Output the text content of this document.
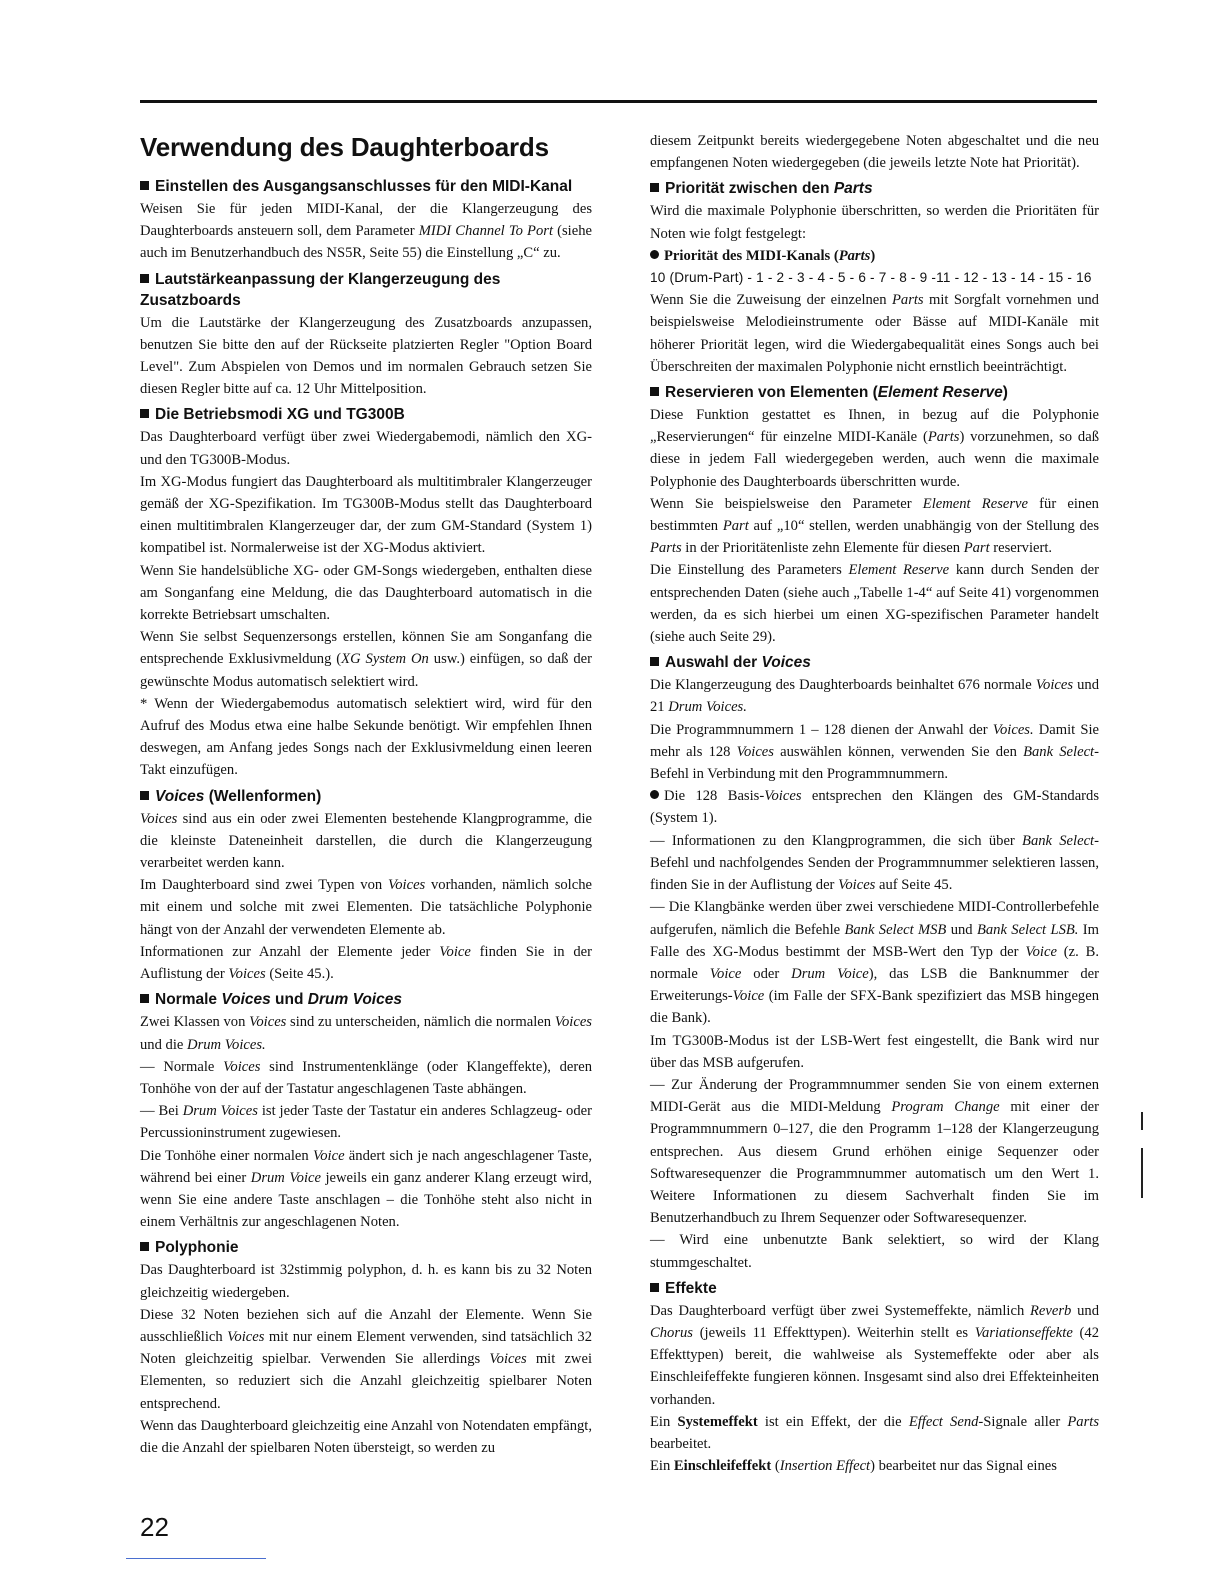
Verwendung des Daughterboards
Einstellen des Ausgangsanschlusses für den MIDI-Kanal

Weisen Sie für jeden MIDI-Kanal, der die Klangerzeugung des Daughterboards ansteuern soll, dem Parameter MIDI Channel To Port (siehe auch im Benutzerhandbuch des NS5R, Seite 55) die Einstellung „C“ zu.

Lautstärkeanpassung der Klangerzeugung des Zusatzboards

Um die Lautstärke der Klangerzeugung des Zusatzboards anzupassen, benutzen Sie bitte den auf der Rückseite platzierten Regler "Option Board Level". Zum Abspielen von Demos und im normalen Gebrauch setzen Sie diesen Regler bitte auf ca. 12 Uhr Mittelposition.

Die Betriebsmodi XG und TG300B

Das Daughterboard verfügt über zwei Wiedergabemodi, nämlich den XG- und den TG300B-Modus.

Im XG-Modus fungiert das Daughterboard als multitimbraler Klangerzeuger gemäß der XG-Spezifikation. Im TG300B-Modus stellt das Daughterboard einen multitimbralen Klangerzeuger dar, der zum GM-Standard (System 1) kompatibel ist. Normalerweise ist der XG-Modus aktiviert.

Wenn Sie handelsübliche XG- oder GM-Songs wiedergeben, enthalten diese am Songanfang eine Meldung, die das Daughterboard automatisch in die korrekte Betriebsart umschalten.

Wenn Sie selbst Sequenzersongs erstellen, können Sie am Songanfang die entsprechende Exklusivmeldung (XG System On usw.) einfügen, so daß der gewünschte Modus automatisch selektiert wird.

* Wenn der Wiedergabemodus automatisch selektiert wird, wird für den Aufruf des Modus etwa eine halbe Sekunde benötigt. Wir empfehlen Ihnen deswegen, am Anfang jedes Songs nach der Exklusivmeldung einen leeren Takt einzufügen.

Voices (Wellenformen)

Voices sind aus ein oder zwei Elementen bestehende Klangprogramme, die die kleinste Dateneinheit darstellen, die durch die Klangerzeugung verarbeitet werden kann.

Im Daughterboard sind zwei Typen von Voices vorhanden, nämlich solche mit einem und solche mit zwei Elementen. Die tatsächliche Polyphonie hängt von der Anzahl der verwendeten Elemente ab.

Informationen zur Anzahl der Elemente jeder Voice finden Sie in der Auflistung der Voices (Seite 45.).

Normale Voices und Drum Voices

Zwei Klassen von Voices sind zu unterscheiden, nämlich die normalen Voices und die Drum Voices.

— Normale Voices sind Instrumentenklänge (oder Klangeffekte), deren Tonhöhe von der auf der Tastatur angeschlagenen Taste abhängen.

— Bei Drum Voices ist jeder Taste der Tastatur ein anderes Schlagzeug- oder Percussioninstrument zugewiesen.

Die Tonhöhe einer normalen Voice ändert sich je nach angeschlagener Taste, während bei einer Drum Voice jeweils ein ganz anderer Klang erzeugt wird, wenn Sie eine andere Taste anschlagen – die Tonhöhe steht also nicht in einem Verhältnis zur angeschlagenen Noten.

Polyphonie

Das Daughterboard ist 32stimmig polyphon, d. h. es kann bis zu 32 Noten gleichzeitig wiedergeben.

Diese 32 Noten beziehen sich auf die Anzahl der Elemente. Wenn Sie ausschließlich Voices mit nur einem Element verwenden, sind tatsächlich 32 Noten gleichzeitig spielbar. Verwenden Sie allerdings Voices mit zwei Elementen, so reduziert sich die Anzahl gleichzeitig spielbarer Noten entsprechend.

Wenn das Daughterboard gleichzeitig eine Anzahl von Notendaten empfängt, die die Anzahl der spielbaren Noten übersteigt, so werden zu

diesem Zeitpunkt bereits wiedergegebene Noten abgeschaltet und die neu empfangenen Noten wiedergegeben (die jeweils letzte Note hat Priorität).

Priorität zwischen den Parts

Wird die maximale Polyphonie überschritten, so werden die Prioritäten für Noten wie folgt festgelegt:

Priorität des MIDI-Kanals (Parts)

10 (Drum-Part) - 1 - 2 - 3 - 4 - 5 - 6 - 7 - 8 - 9 -11 - 12 - 13 - 14 - 15 - 16

Wenn Sie die Zuweisung der einzelnen Parts mit Sorgfalt vornehmen und beispielsweise Melodieinstrumente oder Bässe auf MIDI-Kanäle mit höherer Priorität legen, wird die Wiedergabequalität eines Songs auch bei Überschreiten der maximalen Polyphonie nicht ernstlich beeinträchtigt.

Reservieren von Elementen (Element Reserve)

Diese Funktion gestattet es Ihnen, in bezug auf die Polyphonie „Reservierungen“ für einzelne MIDI-Kanäle (Parts) vorzunehmen, so daß diese in jedem Fall wiedergegeben werden, auch wenn die maximale Polyphonie des Daughterboards überschritten wurde.

Wenn Sie beispielsweise den Parameter Element Reserve für einen bestimmten Part auf „10“ stellen, werden unabhängig von der Stellung des Parts in der Prioritätenliste zehn Elemente für diesen Part reserviert.

Die Einstellung des Parameters Element Reserve kann durch Senden der entsprechenden Daten (siehe auch „Tabelle 1-4“ auf Seite 41) vorgenommen werden, da es sich hierbei um einen XG-spezifischen Parameter handelt (siehe auch Seite 29).

Auswahl der Voices

Die Klangerzeugung des Daughterboards beinhaltet 676 normale Voices und 21 Drum Voices.

Die Programmnummern 1 – 128 dienen der Anwahl der Voices. Damit Sie mehr als 128 Voices auswählen können, verwenden Sie den Bank Select-Befehl in Verbindung mit den Programmnummern.

Die 128 Basis-Voices entsprechen den Klängen des GM-Standards (System 1).

— Informationen zu den Klangprogrammen, die sich über Bank Select-Befehl und nachfolgendes Senden der Programmnummer selektieren lassen, finden Sie in der Auflistung der Voices auf Seite 45.

— Die Klangbänke werden über zwei verschiedene MIDI-Controllerbefehle aufgerufen, nämlich die Befehle Bank Select MSB und Bank Select LSB. Im Falle des XG-Modus bestimmt der MSB-Wert den Typ der Voice (z. B. normale Voice oder Drum Voice), das LSB die Banknummer der Erweiterungs-Voice (im Falle der SFX-Bank spezifiziert das MSB hingegen die Bank).

Im TG300B-Modus ist der LSB-Wert fest eingestellt, die Bank wird nur über das MSB aufgerufen.

— Zur Änderung der Programmnummer senden Sie von einem externen MIDI-Gerät aus die MIDI-Meldung Program Change mit einer der Programmnummern 0–127, die den Programm 1–128 der Klangerzeugung entsprechen. Aus diesem Grund erhöhen einige Sequenzer oder Softwaresequenzer die Programmnummer automatisch um den Wert 1. Weitere Informationen zu diesem Sachverhalt finden Sie im Benutzerhandbuch zu Ihrem Sequenzer oder Softwaresequenzer.

— Wird eine unbenutzte Bank selektiert, so wird der Klang stummgeschaltet.

Effekte

Das Daughterboard verfügt über zwei Systemeffekte, nämlich Reverb und Chorus (jeweils 11 Effekttypen). Weiterhin stellt es Variationseffekte (42 Effekttypen) bereit, die wahlweise als Systemeffekte oder aber als Einschleifeffekte fungieren können. Insgesamt sind also drei Effekteinheiten vorhanden.

Ein Systemeffekt ist ein Effekt, der die Effect Send-Signale aller Parts bearbeitet.

Ein Einschleifeffekt (Insertion Effect) bearbeitet nur das Signal eines

22
